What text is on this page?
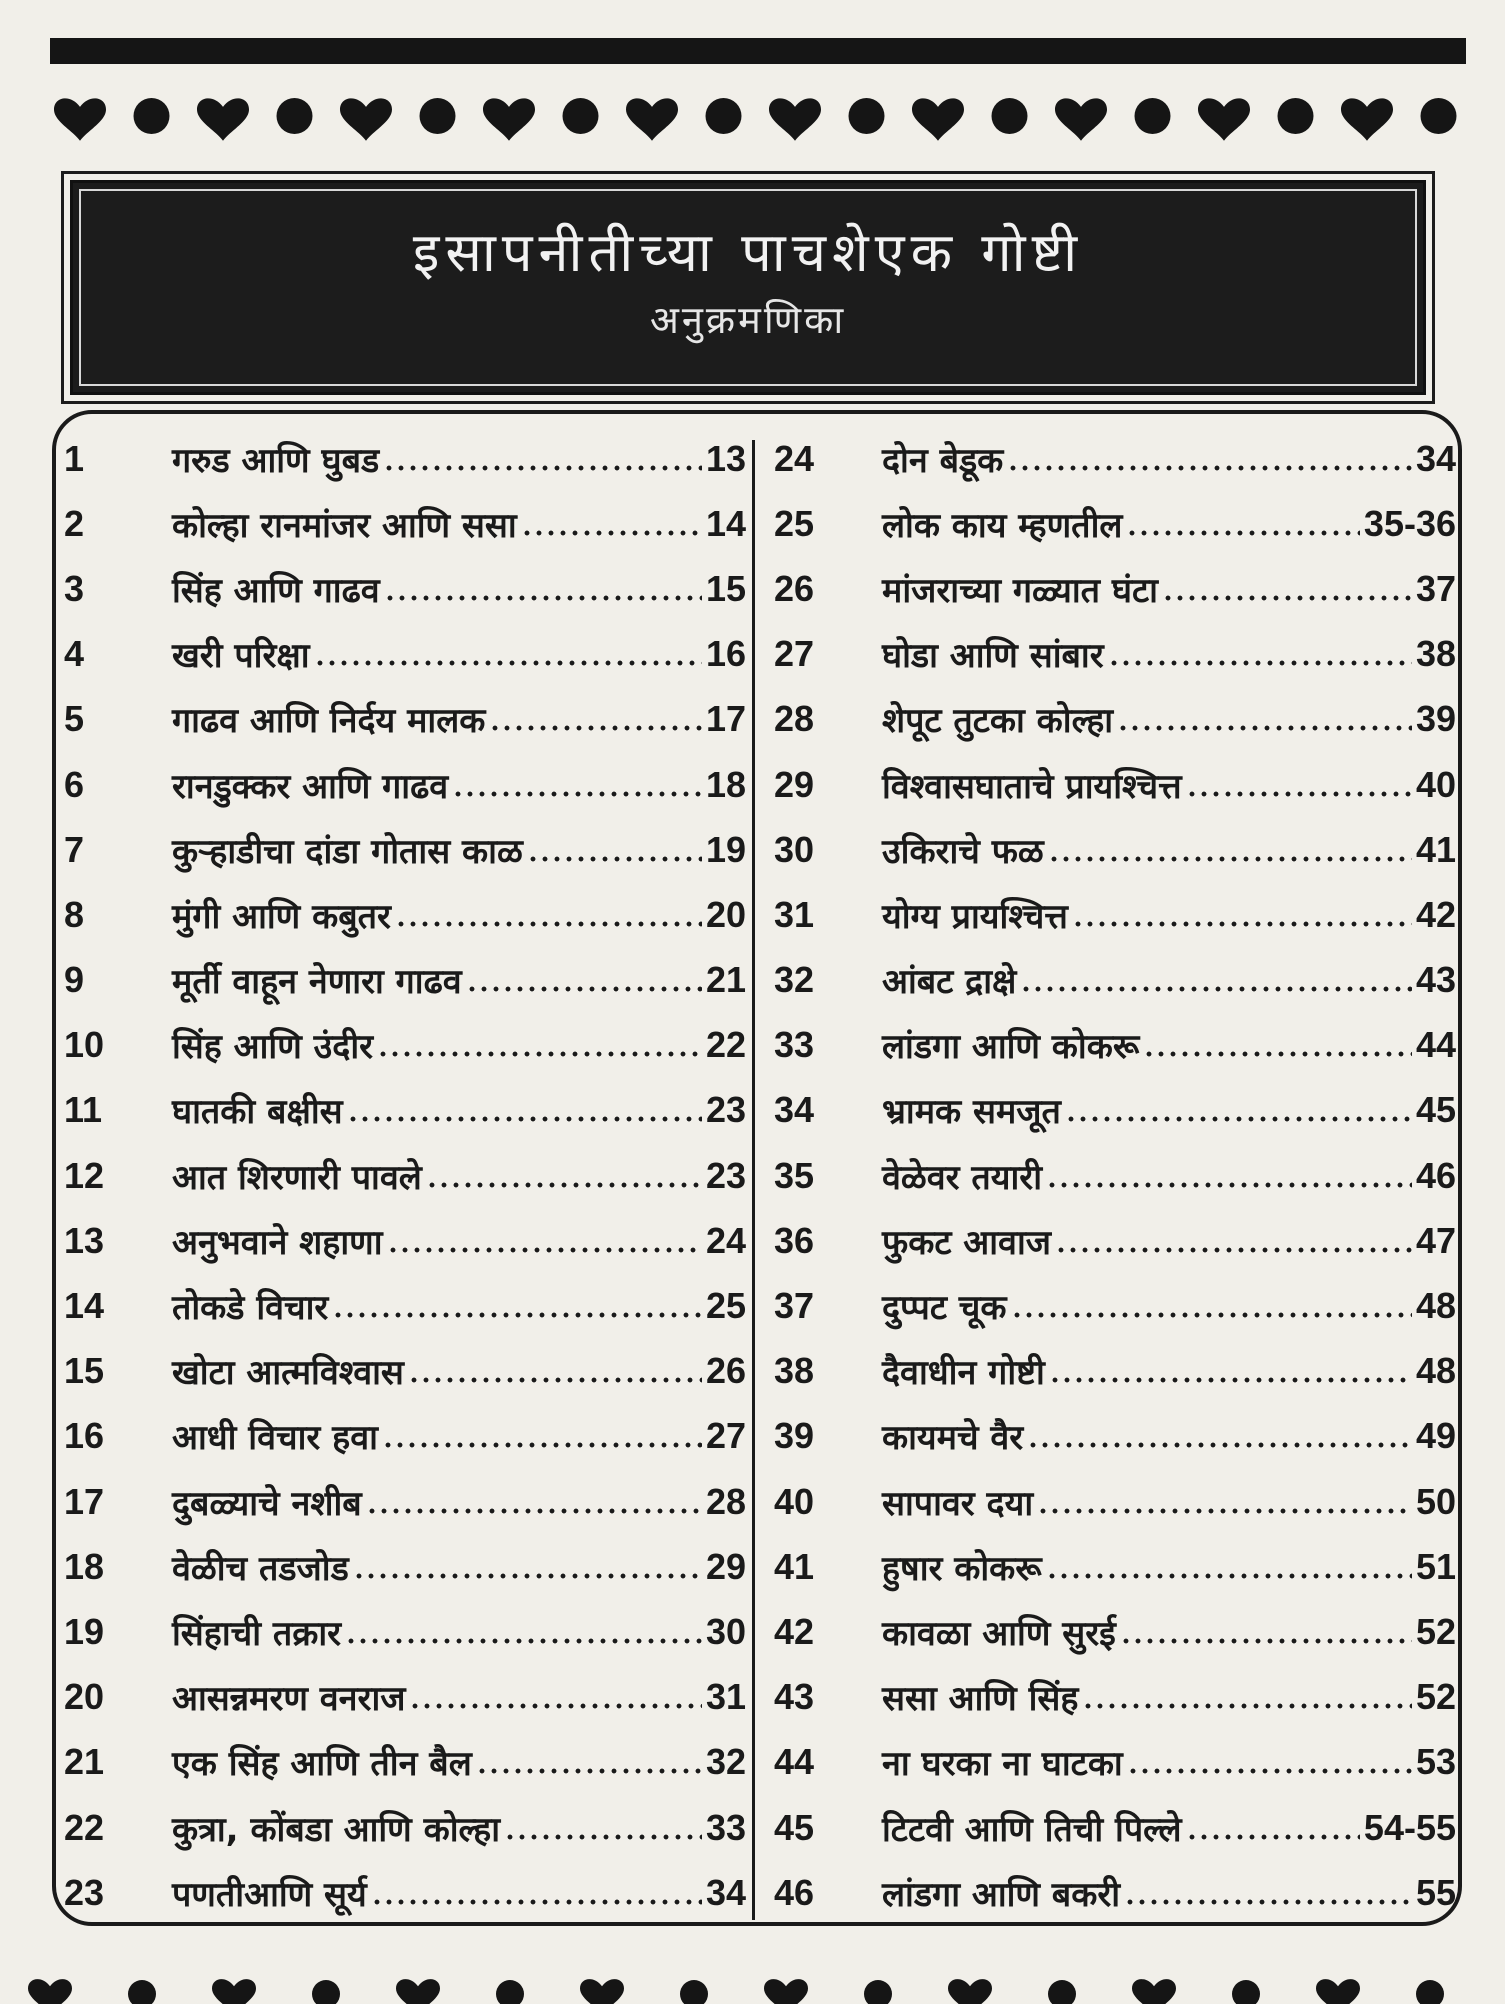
इसापनीतीच्या पाचशेएक गोष्टी
अनुक्रमणिका
1	गरुड आणि घुबड	13
2	कोल्हा रानमांजर आणि ससा	14
3	सिंह आणि गाढव	15
4	खरी परिक्षा	16
5	गाढव आणि निर्दय मालक	17
6	रानडुक्कर आणि गाढव	18
7	कुऱ्हाडीचा दांडा गोतास काळ	19
8	मुंगी आणि कबुतर	20
9	मूर्ती वाहून नेणारा गाढव	21
10	सिंह आणि उंदीर	22
11	घातकी बक्षीस	23
12	आत शिरणारी पावले	23
13	अनुभवाने शहाणा	24
14	तोकडे विचार	25
15	खोटा आत्मविश्वास	26
16	आधी विचार हवा	27
17	दुबळ्याचे नशीब	28
18	वेळीच तडजोड	29
19	सिंहाची तक्रार	30
20	आसन्नमरण वनराज	31
21	एक सिंह आणि तीन बैल	32
22	कुत्रा, कोंबडा आणि कोल्हा	33
23	पणतीआणि सूर्य	34
24	दोन बेडूक	34
25	लोक काय म्हणतील	35-36
26	मांजराच्या गळ्यात घंटा	37
27	घोडा आणि सांबार	38
28	शेपूट तुटका कोल्हा	39
29	विश्वासघाताचे प्रायश्चित्त	40
30	उकिराचे फळ	41
31	योग्य प्रायश्चित्त	42
32	आंबट द्राक्षे	43
33	लांडगा आणि कोकरू	44
34	भ्रामक समजूत	45
35	वेळेवर तयारी	46
36	फुकट आवाज	47
37	दुप्पट चूक	48
38	दैवाधीन गोष्टी	48
39	कायमचे वैर	49
40	सापावर दया	50
41	हुषार कोकरू	51
42	कावळा आणि सुरई	52
43	ससा आणि सिंह	52
44	ना घरका ना घाटका	53
45	टिटवी आणि तिची पिल्ले	54-55
46	लांडगा आणि बकरी	55
